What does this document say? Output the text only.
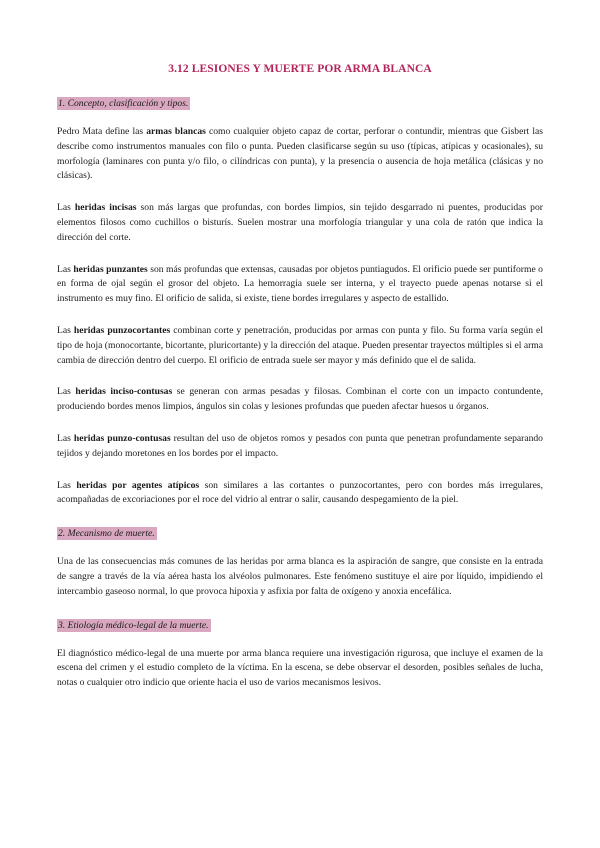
3.12 LESIONES Y MUERTE POR ARMA BLANCA
1. Concepto, clasificación y tipos.

Pedro Mata define las armas blancas como cualquier objeto capaz de cortar, perforar o contundir, mientras que Gisbert las describe como instrumentos manuales con filo o punta. Pueden clasificarse según su uso (típicas, atípicas y ocasionales), su morfología (laminares con punta y/o filo, o cilíndricas con punta), y la presencia o ausencia de hoja metálica (clásicas y no clásicas).

Las heridas incisas son más largas que profundas, con bordes limpios, sin tejido desgarrado ni puentes, producidas por elementos filosos como cuchillos o bisturís. Suelen mostrar una morfología triangular y una cola de ratón que indica la dirección del corte.

Las heridas punzantes son más profundas que extensas, causadas por objetos puntiagudos. El orificio puede ser puntiforme o en forma de ojal según el grosor del objeto. La hemorragia suele ser interna, y el trayecto puede apenas notarse si el instrumento es muy fino. El orificio de salida, si existe, tiene bordes irregulares y aspecto de estallido.

Las heridas punzocortantes combinan corte y penetración, producidas por armas con punta y filo. Su forma varía según el tipo de hoja (monocortante, bicortante, pluricortante) y la dirección del ataque. Pueden presentar trayectos múltiples si el arma cambia de dirección dentro del cuerpo. El orificio de entrada suele ser mayor y más definido que el de salida.

Las heridas inciso-contusas se generan con armas pesadas y filosas. Combinan el corte con un impacto contundente, produciendo bordes menos limpios, ángulos sin colas y lesiones profundas que pueden afectar huesos u órganos.

Las heridas punzo-contusas resultan del uso de objetos romos y pesados con punta que penetran profundamente separando tejidos y dejando moretones en los bordes por el impacto.

Las heridas por agentes atípicos son similares a las cortantes o punzocortantes, pero con bordes más irregulares, acompañadas de excoriaciones por el roce del vidrio al entrar o salir, causando despegamiento de la piel.

2. Mecanismo de muerte.

Una de las consecuencias más comunes de las heridas por arma blanca es la aspiración de sangre, que consiste en la entrada de sangre a través de la vía aérea hasta los alvéolos pulmonares. Este fenómeno sustituye el aire por líquido, impidiendo el intercambio gaseoso normal, lo que provoca hipoxia y asfixia por falta de oxígeno y anoxia encefálica.

3. Etiología médico-legal de la muerte.

El diagnóstico médico-legal de una muerte por arma blanca requiere una investigación rigurosa, que incluye el examen de la escena del crimen y el estudio completo de la víctima. En la escena, se debe observar el desorden, posibles señales de lucha, notas o cualquier otro indicio que oriente hacia el uso de varios mecanismos lesivos.
